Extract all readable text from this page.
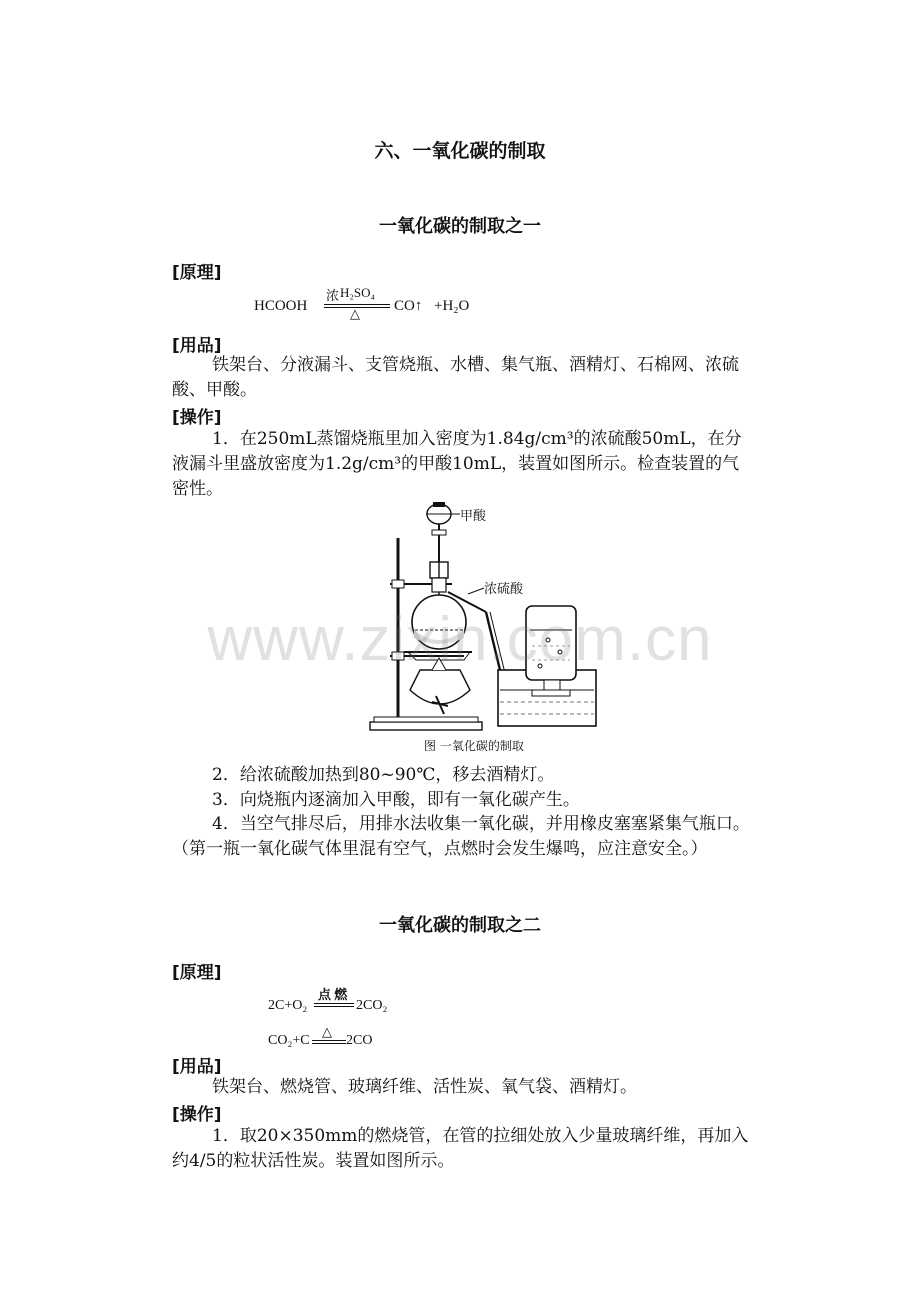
六、一氧化碳的制取
一氧化碳的制取之一
[原理]
HCOOH
浓 H₂SO₄
△ CO↑ +H₂O
[用品]
铁架台、分液漏斗、支管烧瓶、水槽、集气瓶、酒精灯、石棉网、浓硫酸、甲酸。
[操作]
1．在250mL蒸馏烧瓶里加入密度为1.84g/cm³的浓硫酸50mL，在分液漏斗里盛放密度为1.2g/cm³的甲酸10mL，装置如图所示。检查装置的气密性。
甲酸
浓硫酸
图 一氧化碳的制取
www.zixin.com.cn
2．给浓硫酸加热到80~90℃，移去酒精灯。
3．向烧瓶内逐滴加入甲酸，即有一氧化碳产生。
4．当空气排尽后，用排水法收集一氧化碳，并用橡皮塞塞紧集气瓶口。（第一瓶一氧化碳气体里混有空气，点燃时会发生爆鸣，应注意安全。）
一氧化碳的制取之二
[原理]
2C+O₂
点 燃
2CO₂
CO₂+C
△
2CO
[用品]
铁架台、燃烧管、玻璃纤维、活性炭、氧气袋、酒精灯。
[操作]
1．取20×350mm的燃烧管，在管的拉细处放入少量玻璃纤维，再加入约4/5的粒状活性炭。装置如图所示。
